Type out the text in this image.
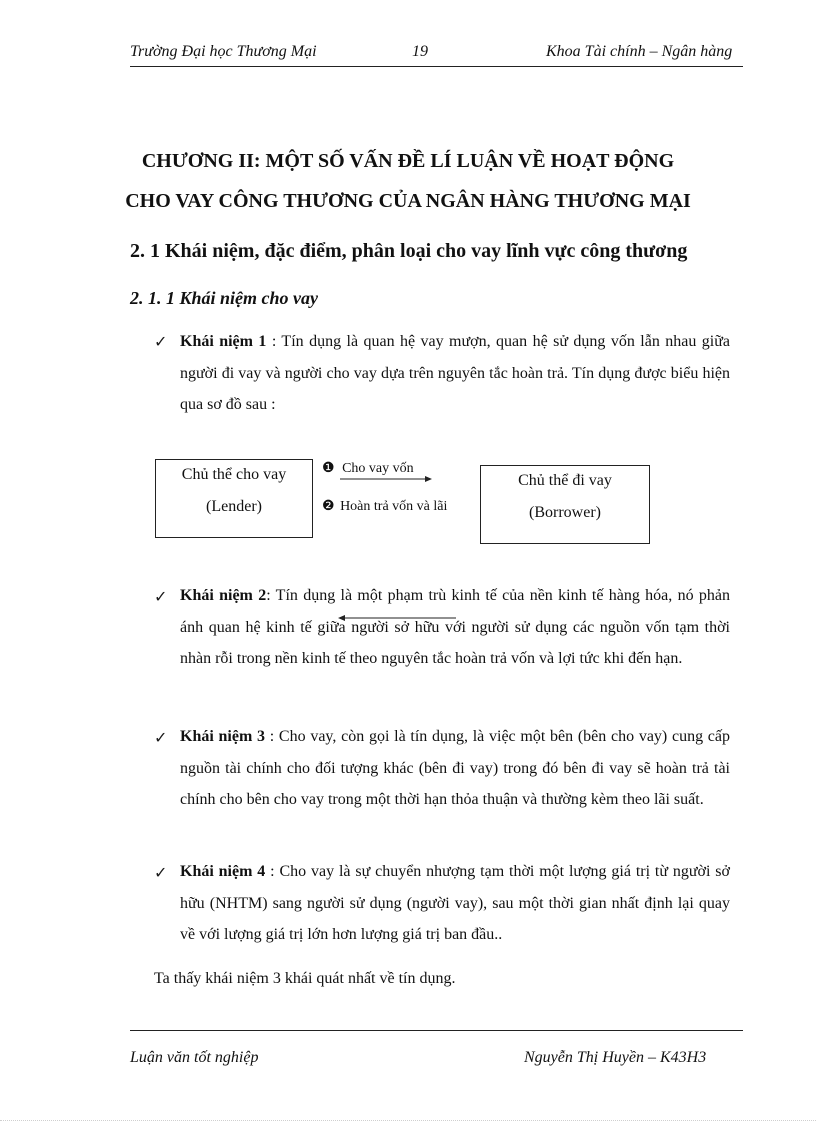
Trường Đại học Thương Mại	19	Khoa Tài chính – Ngân hàng
CHƯƠNG II: MỘT SỐ VẤN ĐỀ LÍ LUẬN VỀ HOẠT ĐỘNG
CHO VAY CÔNG THƯƠNG CỦA NGÂN HÀNG THƯƠNG MẠI
2. 1 Khái niệm, đặc điểm, phân loại cho vay lĩnh vực công thương
2. 1. 1 Khái niệm cho vay
✓ Khái niệm 1 : Tín dụng là quan hệ vay mượn, quan hệ sử dụng vốn lẫn nhau giữa người đi vay và người cho vay dựa trên nguyên tắc hoàn trả. Tín dụng được biểu hiện qua sơ đồ sau :
Chủ thể cho vay
(Lender)
Chủ thể đi vay
(Borrower)
❶ Cho vay vốn
❷ Hoàn trả vốn và lãi
✓ Khái niệm 2: Tín dụng là một phạm trù kinh tế của nền kinh tế hàng hóa, nó phản ánh quan hệ kinh tế giữa người sở hữu với người sử dụng các nguồn vốn tạm thời nhàn rỗi trong nền kinh tế theo nguyên tắc hoàn trả vốn và lợi tức khi đến hạn.
✓ Khái niệm 3 : Cho vay, còn gọi là tín dụng, là việc một bên (bên cho vay) cung cấp nguồn tài chính cho đối tượng khác (bên đi vay) trong đó bên đi vay sẽ hoàn trả tài chính cho bên cho vay trong một thời hạn thỏa thuận và thường kèm theo lãi suất.
✓ Khái niệm 4 : Cho vay là sự chuyển nhượng tạm thời một lượng giá trị từ người sở hữu (NHTM) sang người sử dụng (người vay), sau một thời gian nhất định lại quay về với lượng giá trị lớn hơn lượng giá trị ban đầu..
Ta thấy khái niệm 3 khái quát nhất về tín dụng.
Luận văn tốt nghiệp	Nguyễn Thị Huyền – K43H3
